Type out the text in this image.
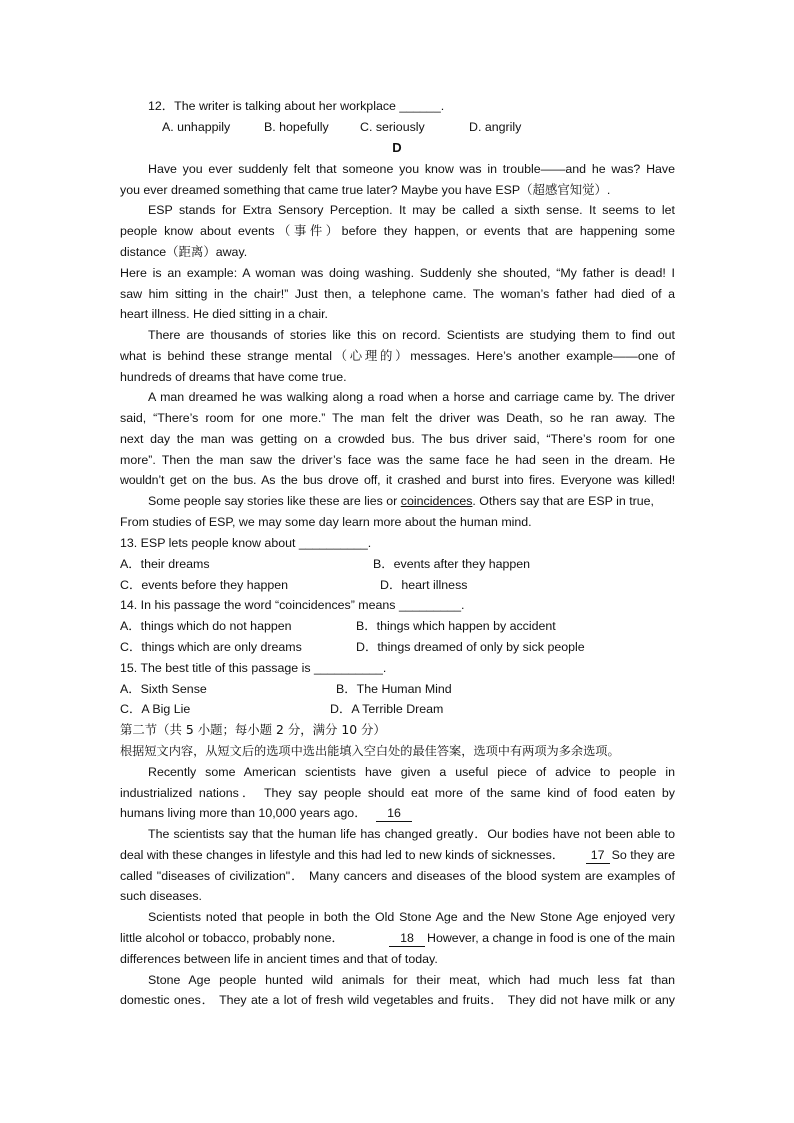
12．The writer is talking about her workplace ______.
A. unhappily	B. hopefully	C. seriously	D. angrily
D
Have you ever suddenly felt that someone you know was in trouble——and he was? Have
you ever dreamed something that came true later? Maybe you have ESP（超感官知觉）.
ESP stands for Extra Sensory Perception. It may be called a sixth sense. It seems to let
people know about events（事件）before they happen, or events that are happening some
distance（距离）away.
Here is an example: A woman was doing washing. Suddenly she shouted, “My father is dead! I
saw him sitting in the chair!” Just then, a telephone came. The woman’s father had died of a
heart illness. He died sitting in a chair.
There are thousands of stories like this on record. Scientists are studying them to find out
what is behind these strange mental（心理的）messages. Here’s another example——one of
hundreds of dreams that have come true.
A man dreamed he was walking along a road when a horse and carriage came by. The driver
said, “There’s room for one more.” The man felt the driver was Death, so he ran away. The
next day the man was getting on a crowded bus. The bus driver said, “There’s room for one
more”. Then the man saw the driver’s face was the same face he had seen in the dream. He
wouldn’t get on the bus. As the bus drove off, it crashed and burst into fires. Everyone was killed!
Some people say stories like these are lies or coincidences. Others say that are ESP in true,
From studies of ESP, we may some day learn more about the human mind.
13. ESP lets people know about __________.
A．their dreams	B．events after they happen
C．events before they happen	D．heart illness
14. In his passage the word “coincidences” means _________.
A．things which do not happen	B．things which happen by accident
C．things which are only dreams	D．things dreamed of only by sick people
15. The best title of this passage is __________.
A．Sixth Sense	B．The Human Mind
C．A Big Lie	D．A Terrible Dream
第二节（共 5 小题；每小题 2 分，满分 10 分）
根据短文内容，从短文后的选项中选出能填入空白处的最佳答案，选项中有两项为多余选项。
Recently some American scientists have given a useful piece of advice to people in
industrialized nations． They say people should eat more of the same kind of food eaten by
humans living more than 10,000 years ago． 16
The scientists say that the human life has changed greatly．Our bodies have not been able to
deal with these changes in lifestyle and this had led to new kinds of sicknesses．	17 So they are
called "diseases of civilization"． Many cancers and diseases of the blood system are examples of
such diseases.
Scientists noted that people in both the Old Stone Age and the New Stone Age enjoyed very
little alcohol or tobacco, probably none．	18 However, a change in food is one of the main
differences between life in ancient times and that of today.
Stone Age people hunted wild animals for their meat, which had much less fat than
domestic ones． They ate a lot of fresh wild vegetables and fruits． They did not have milk or any
